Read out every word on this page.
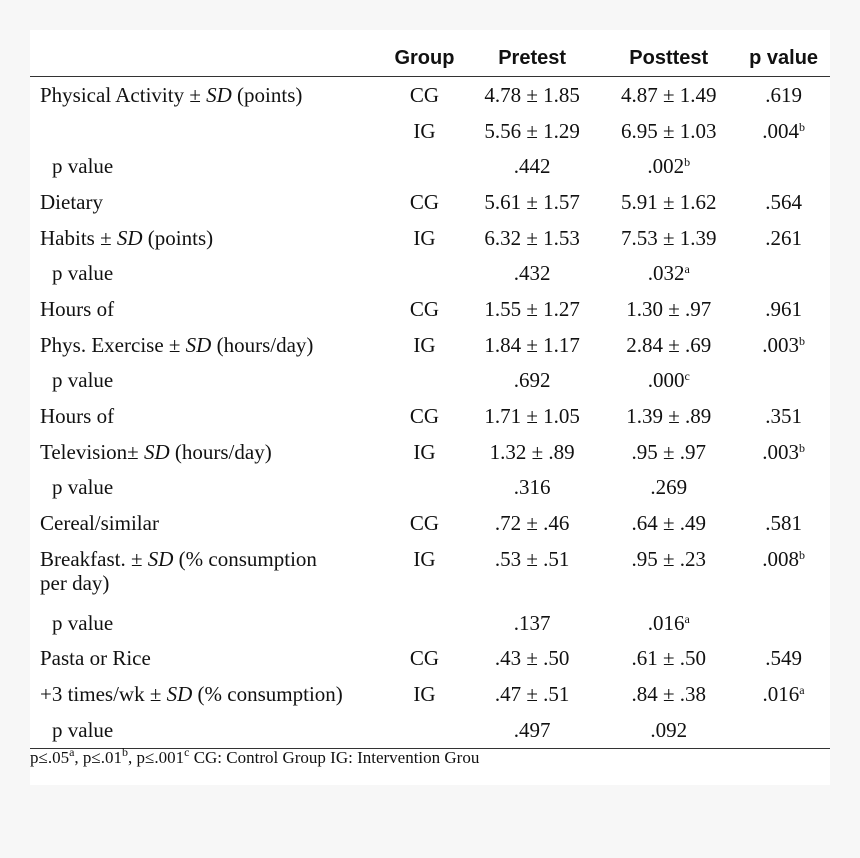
	Group	Pretest	Posttest	p value
Physical Activity ± SD (points)	CG	4.78 ± 1.85	4.87 ± 1.49	.619
	IG	5.56 ± 1.29	6.95 ± 1.03	.004$^b$
p value		.442	.002$^b$	
Dietary	CG	5.61 ± 1.57	5.91 ± 1.62	.564
Habits ± SD (points)	IG	6.32 ± 1.53	7.53 ± 1.39	.261
p value		.432	.032$^a$	
Hours of	CG	1.55 ± 1.27	1.30 ± .97	.961
Phys. Exercise ± SD (hours/day)	IG	1.84 ± 1.17	2.84 ± .69	.003$^b$
p value		.692	.000$^c$	
Hours of	CG	1.71 ± 1.05	1.39 ± .89	.351
Television± SD (hours/day)	IG	1.32 ± .89	.95 ± .97	.003$^b$
p value		.316	.269	
Cereal/similar	CG	.72 ± .46	.64 ± .49	.581
Breakfast. ± SD (% consumption
per day)	IG	.53 ± .51	.95 ± .23	.008$^b$
p value		.137	.016$^a$	
Pasta or Rice	CG	.43 ± .50	.61 ± .50	.549
+3 times/wk ± SD (% consumption)	IG	.47 ± .51	.84 ± .38	.016$^a$
p value		.497	.092	
p≤.05$^a$, p≤.01$^b$, p≤.001$^c$ CG: Control Group IG: Intervention Grou
